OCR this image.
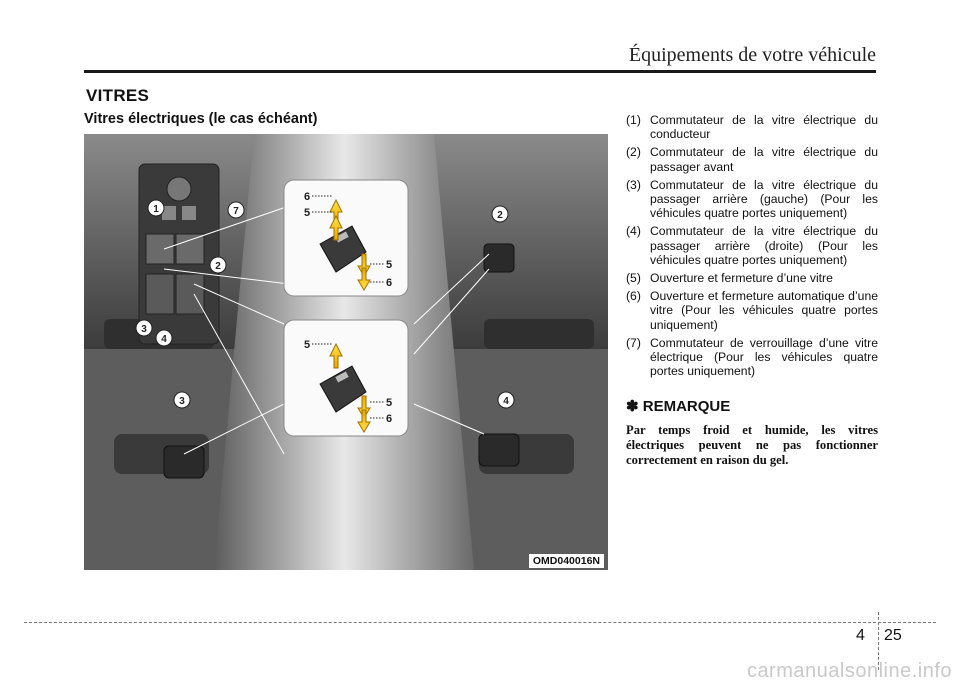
Équipements de votre véhicule
VITRES
Vitres électriques (le cas échéant)
6
5
5
6
5
5
6
1	7
2
3
4
2
3	4
OMD040016N
(1) Commutateur de la vitre électrique du conducteur
(2) Commutateur de la vitre électrique du passager avant
(3) Commutateur de la vitre électrique du passager arrière (gauche) (Pour les véhicules quatre portes uniquement)
(4) Commutateur de la vitre électrique du passager arrière (droite) (Pour les véhicules quatre portes uniquement)
(5) Ouverture et fermeture d’une vitre
(6) Ouverture et fermeture automatique d’une vitre (Pour les véhicules quatre portes uniquement)
(7) Commutateur de verrouillage d’une vitre électrique (Pour les véhicules quatre portes uniquement)
✽ REMARQUE

Par temps froid et humide, les vitres électriques peuvent ne pas fonctionner correctement en raison du gel.

4 25
carmanualsonline.info
